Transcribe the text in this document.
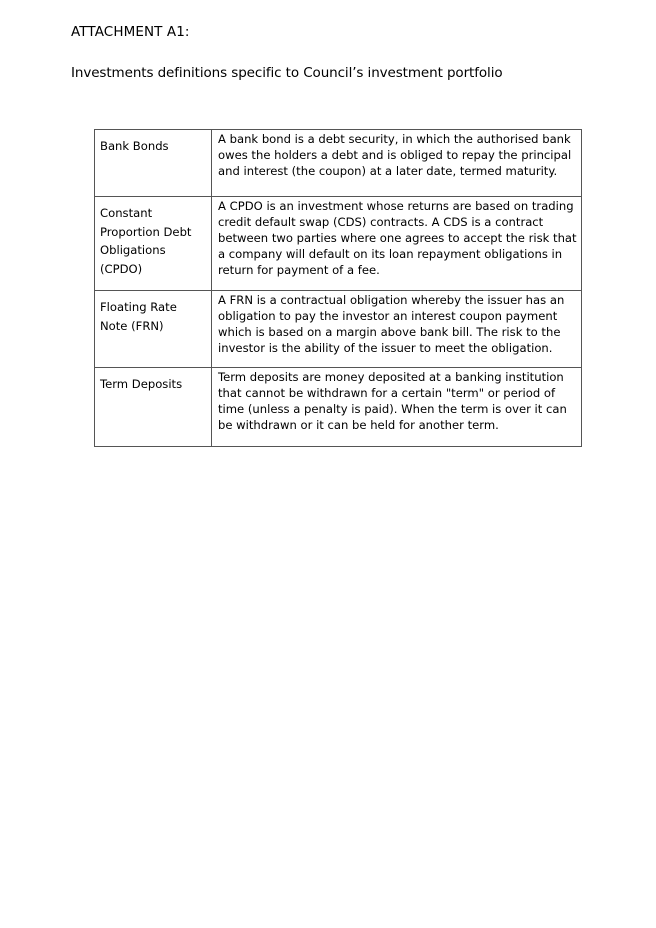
ATTACHMENT A1:
Investments definitions specific to Council’s investment portfolio
Bank Bonds	A bank bond is a debt security, in which the authorised bank owes the holders a debt and is obliged to repay the principal and interest (the coupon) at a later date, termed maturity.

Constant Proportion Debt Obligations (CPDO)	A CPDO is an investment whose returns are based on trading credit default swap (CDS) contracts. A CDS is a contract between two parties where one agrees to accept the risk that a company will default on its loan repayment obligations in return for payment of a fee.

Floating Rate Note (FRN)	A FRN is a contractual obligation whereby the issuer has an obligation to pay the investor an interest coupon payment which is based on a margin above bank bill. The risk to the investor is the ability of the issuer to meet the obligation.

Term Deposits	Term deposits are money deposited at a banking institution that cannot be withdrawn for a certain "term" or period of time (unless a penalty is paid). When the term is over it can be withdrawn or it can be held for another term.
